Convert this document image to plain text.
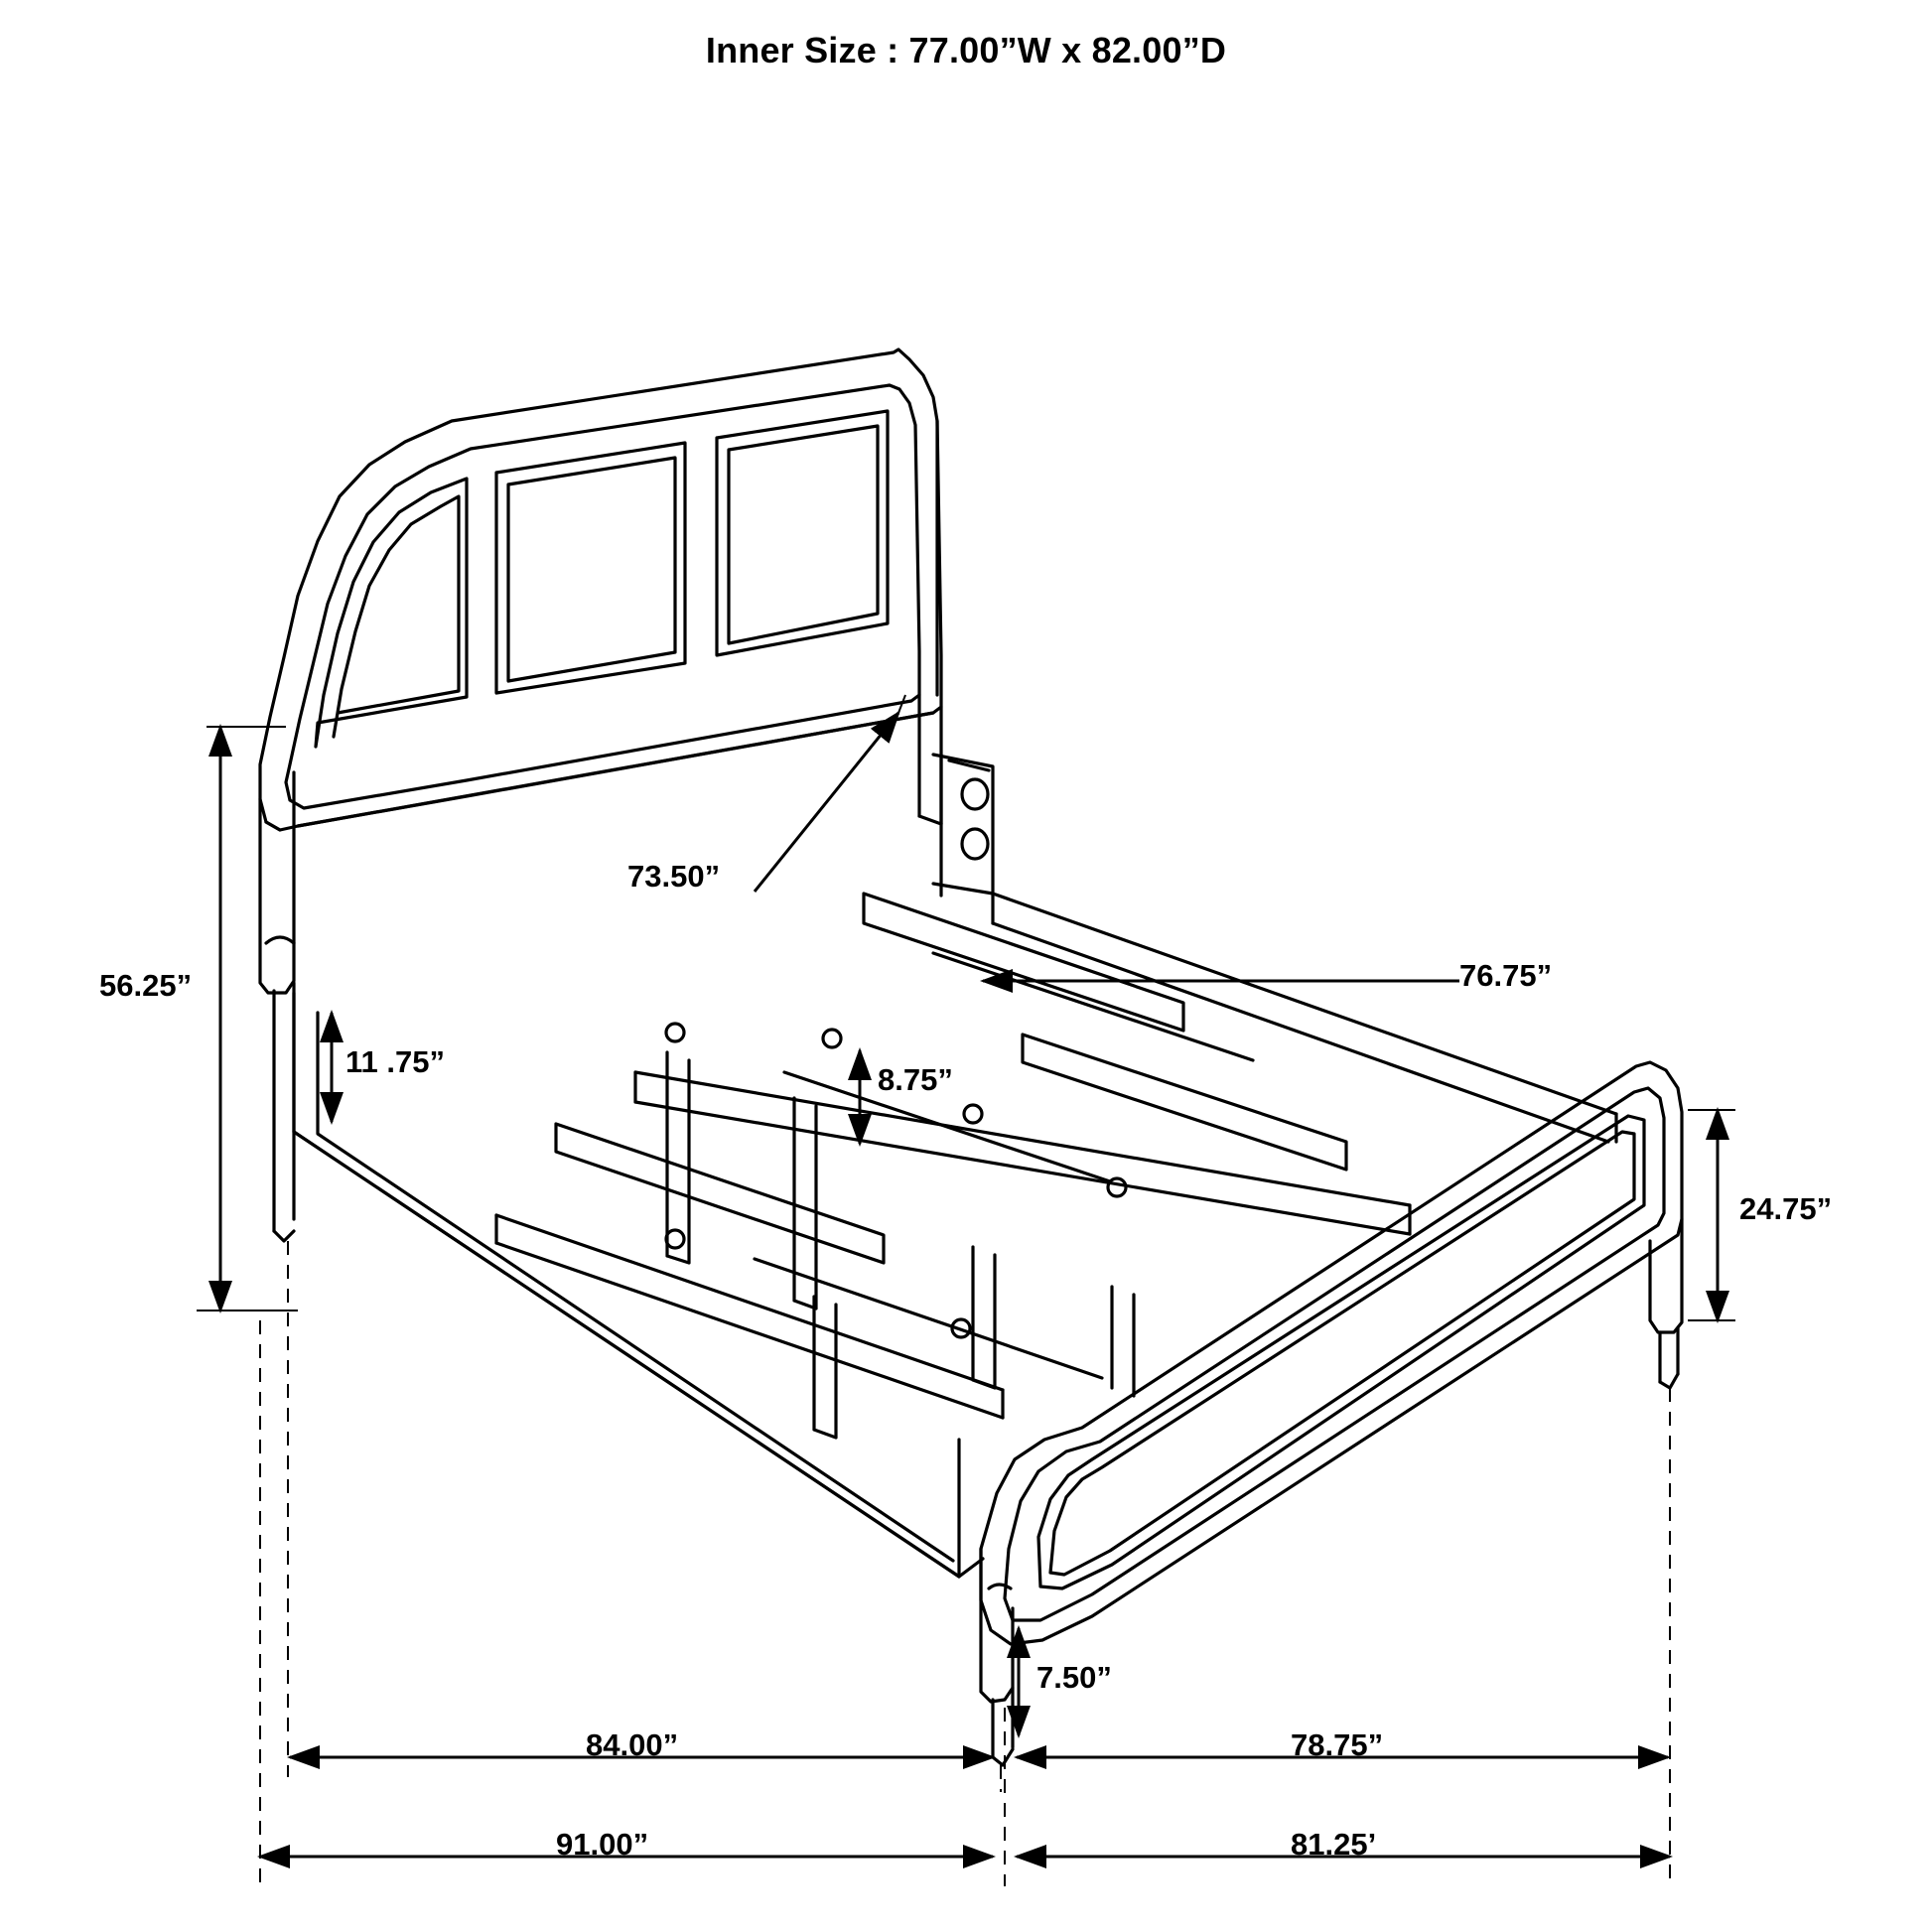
Inner Size : 77.00”W x 82.00”D
56.25”
73.50”
11 .75”
8.75”
76.75”
24.75”
7.50”
84.00”	78.75”
91.00”	81.25’
